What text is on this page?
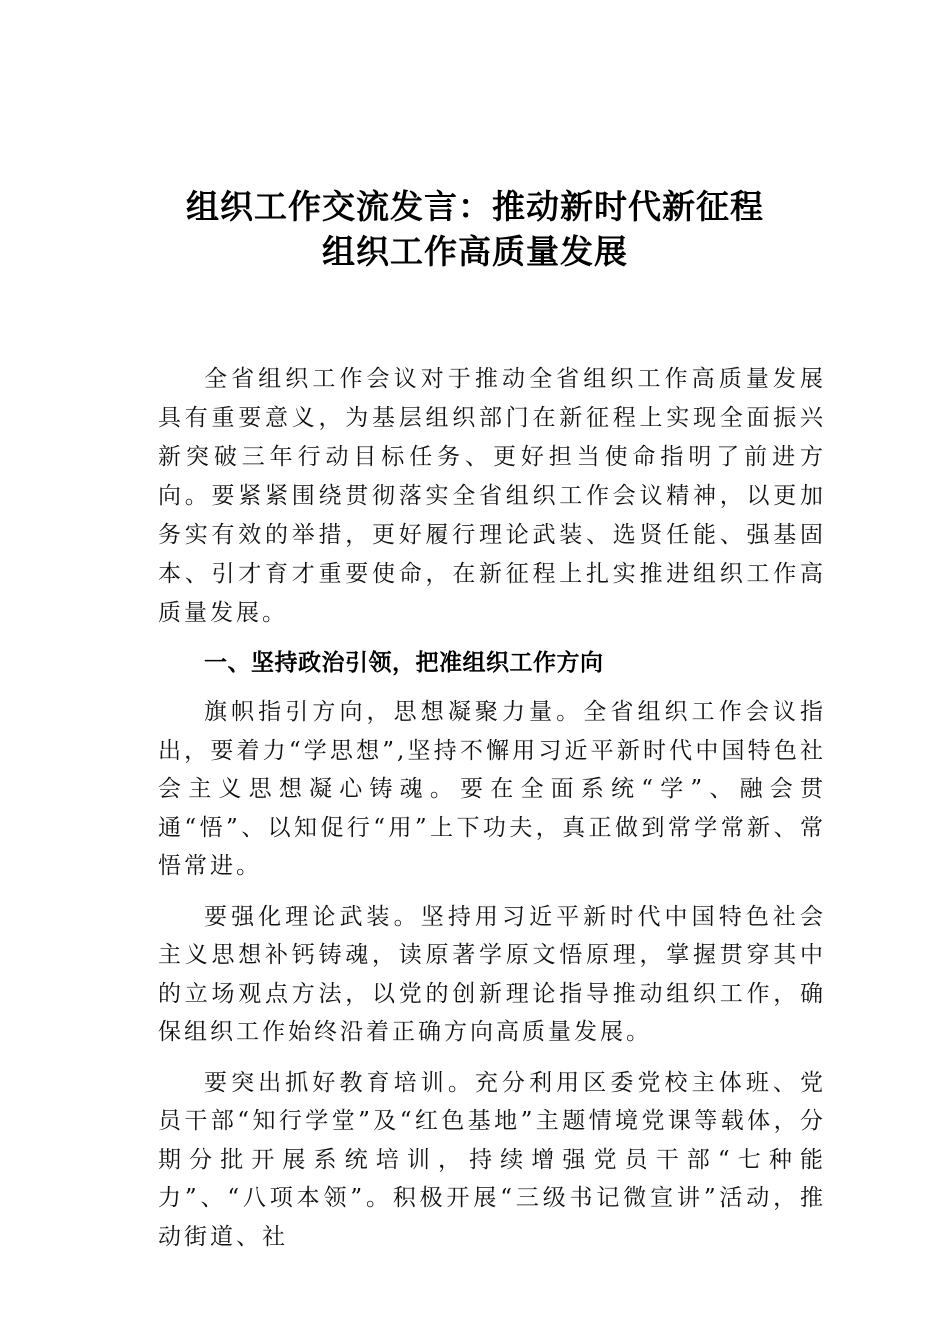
组织工作交流发言：推动新时代新征程
组织工作高质量发展

全省组织工作会议对于推动全省组织工作高质量发展具有重要意义，为基层组织部门在新征程上实现全面振兴新突破三年行动目标任务、更好担当使命指明了前进方向。要紧紧围绕贯彻落实全省组织工作会议精神，以更加务实有效的举措，更好履行理论武装、选贤任能、强基固本、引才育才重要使命，在新征程上扎实推进组织工作高质量发展。

一、坚持政治引领，把准组织工作方向

旗帜指引方向，思想凝聚力量。全省组织工作会议指出，要着力“学思想”,坚持不懈用习近平新时代中国特色社会主义思想凝心铸魂。要在全面系统“学”、融会贯通“悟”、以知促行“用”上下功夫，真正做到常学常新、常悟常进。

要强化理论武装。坚持用习近平新时代中国特色社会主义思想补钙铸魂，读原著学原文悟原理，掌握贯穿其中的立场观点方法，以党的创新理论指导推动组织工作，确保组织工作始终沿着正确方向高质量发展。

要突出抓好教育培训。充分利用区委党校主体班、党员干部“知行学堂”及“红色基地”主题情境党课等载体，分期分批开展系统培训，持续增强党员干部“七种能力”、“八项本领”。积极开展“三级书记微宣讲”活动，推动街道、社
